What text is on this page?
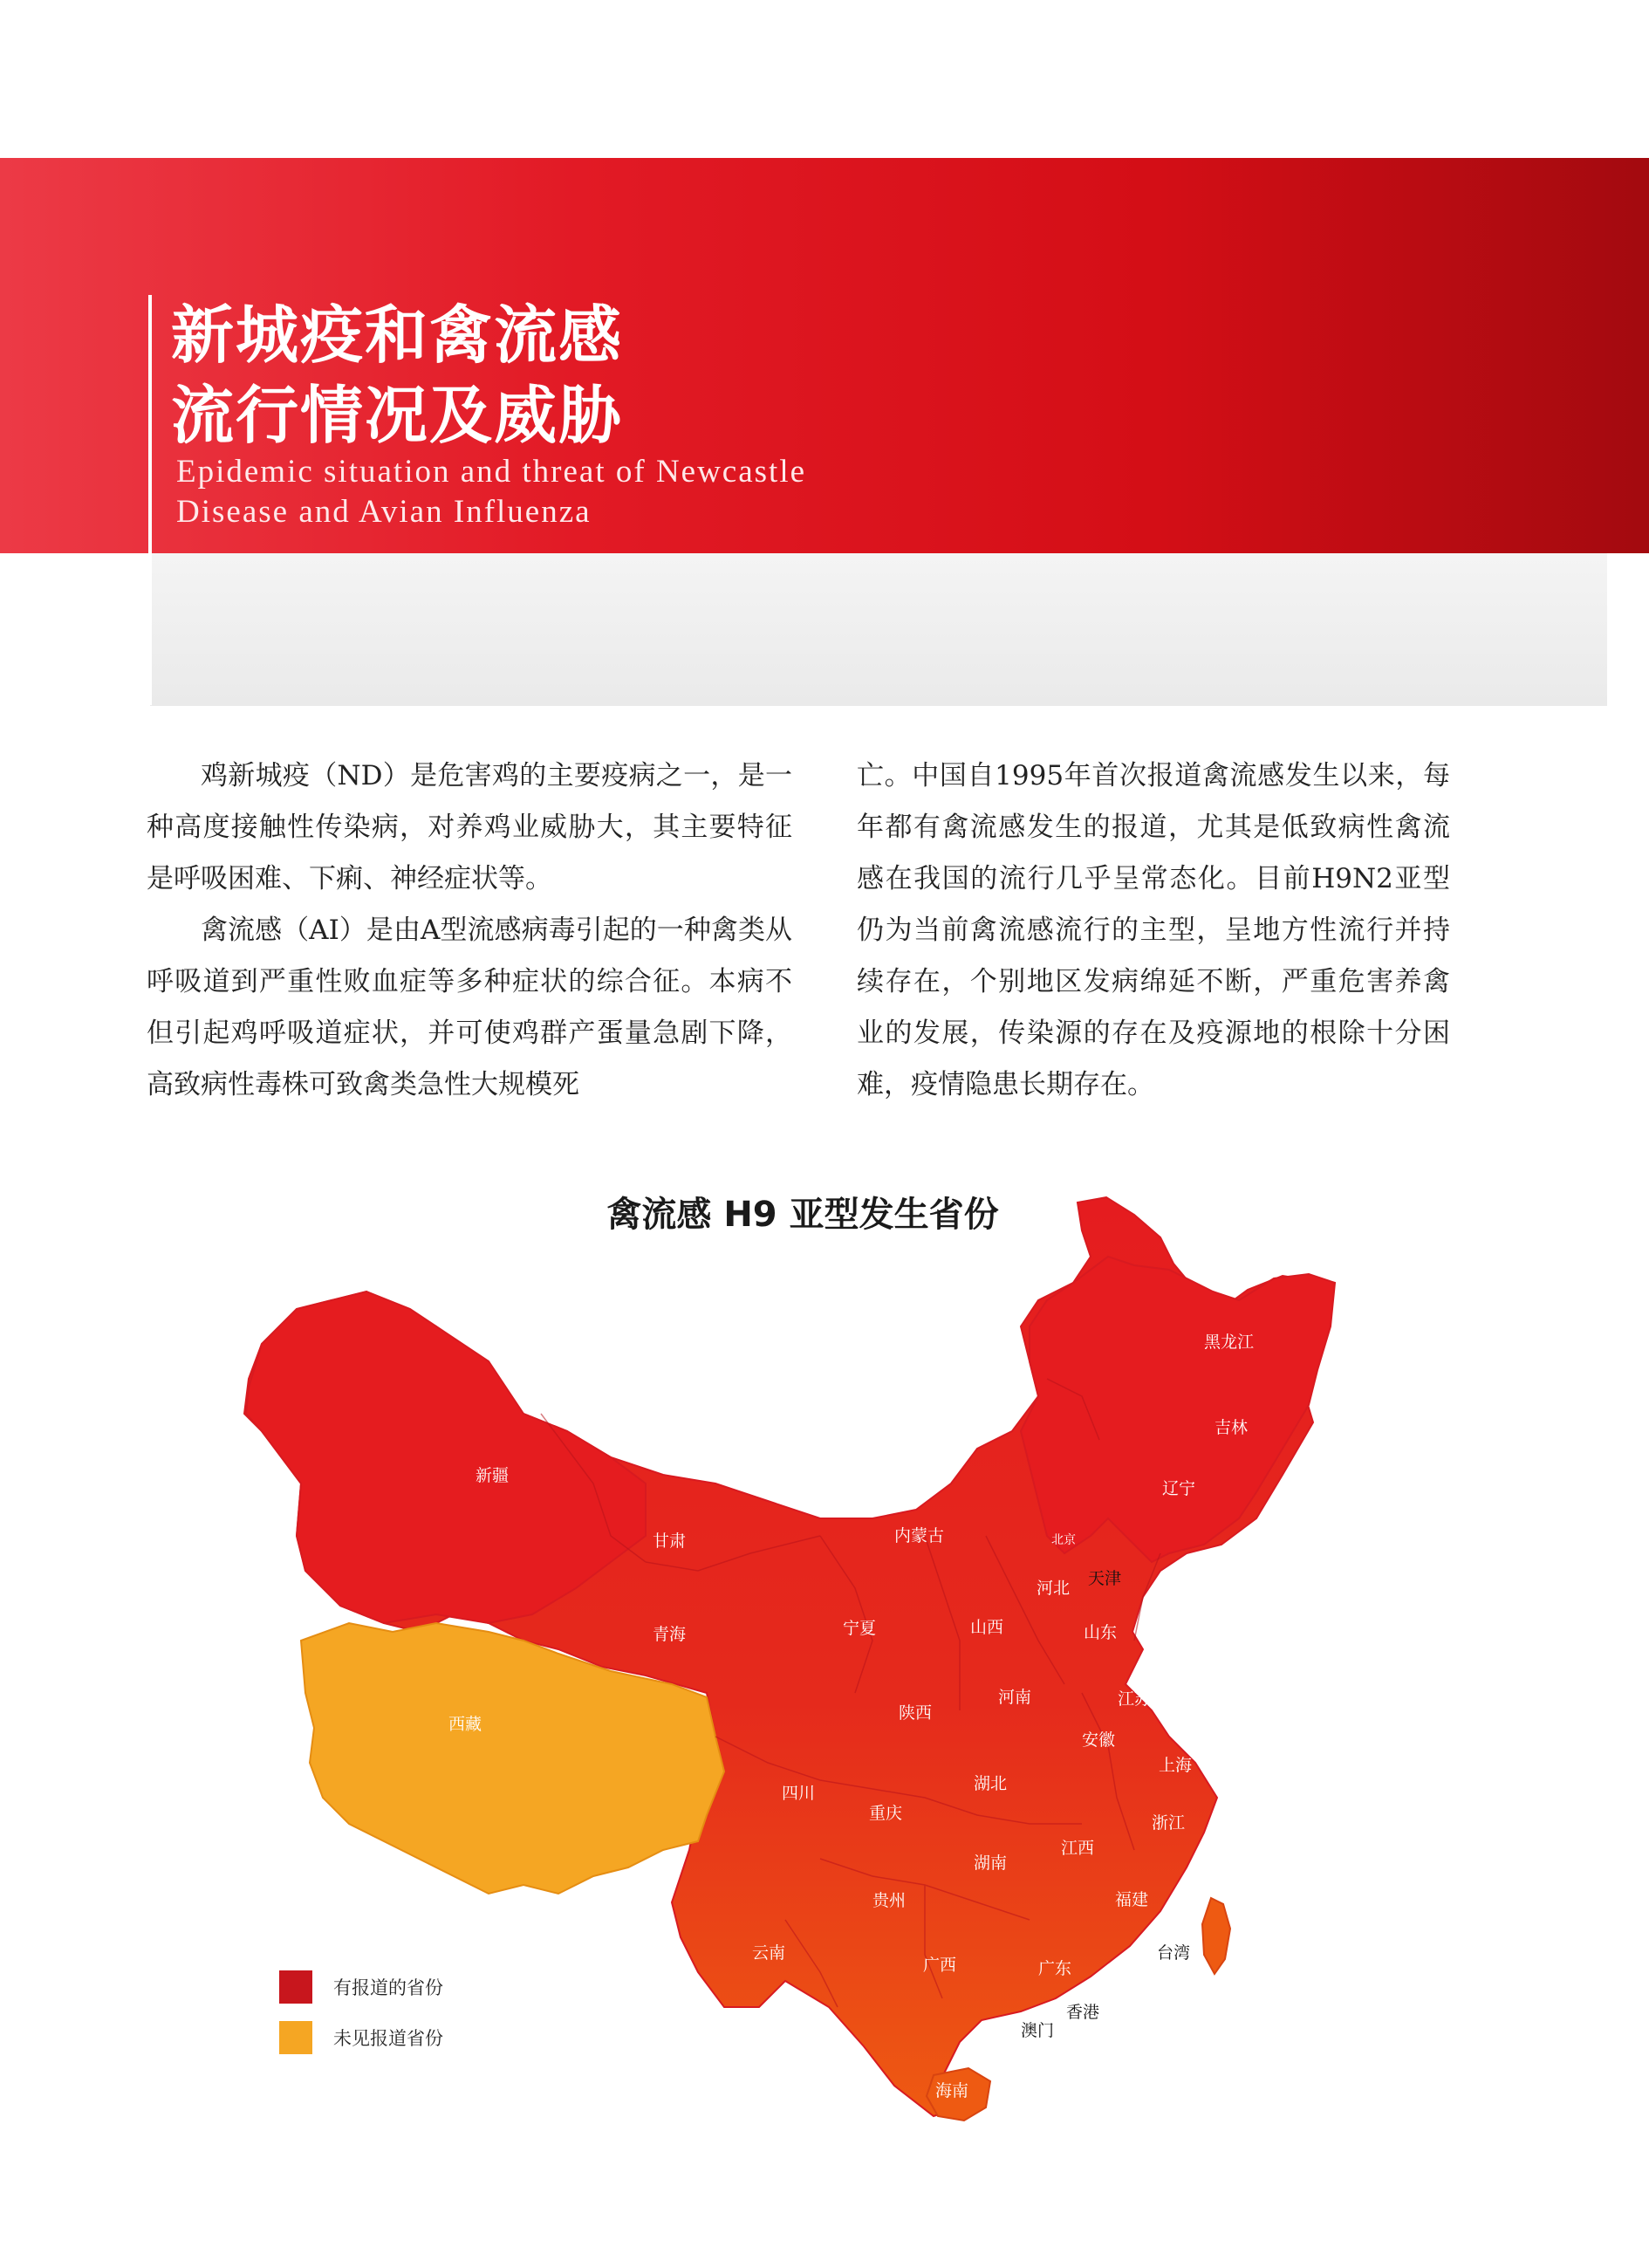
新城疫和禽流感
流行情况及威胁
Epidemic situation and threat of Newcastle
Disease and Avian Influenza

鸡新城疫（ND）是危害鸡的主要疫病之一，是一种高度接触性传染病，对养鸡业威胁大，其主要特征是呼吸困难、下痢、神经症状等。

禽流感（AI）是由A型流感病毒引起的一种禽类从呼吸道到严重性败血症等多种症状的综合征。本病不但引起鸡呼吸道症状，并可使鸡群产蛋量急剧下降，高致病性毒株可致禽类急性大规模死

亡。中国自1995年首次报道禽流感发生以来，每年都有禽流感发生的报道，尤其是低致病性禽流感在我国的流行几乎呈常态化。目前H9N2亚型仍为当前禽流感流行的主型，呈地方性流行并持续存在，个别地区发病绵延不断，严重危害养禽业的发展，传染源的存在及疫源地的根除十分困难，疫情隐患长期存在。

禽流感 H9 亚型发生省份
黑龙江
吉林
辽宁
新疆
内蒙古	北京
天津
河北
甘肃
青海	宁夏	山西	山东
西藏
陕西
河南	江苏
安徽
上海
四川
重庆
湖北
浙江
湖南
江西
贵州	福建
云南
广西	广东
台湾
香港
澳门
海南
有报道的省份
未见报道省份
